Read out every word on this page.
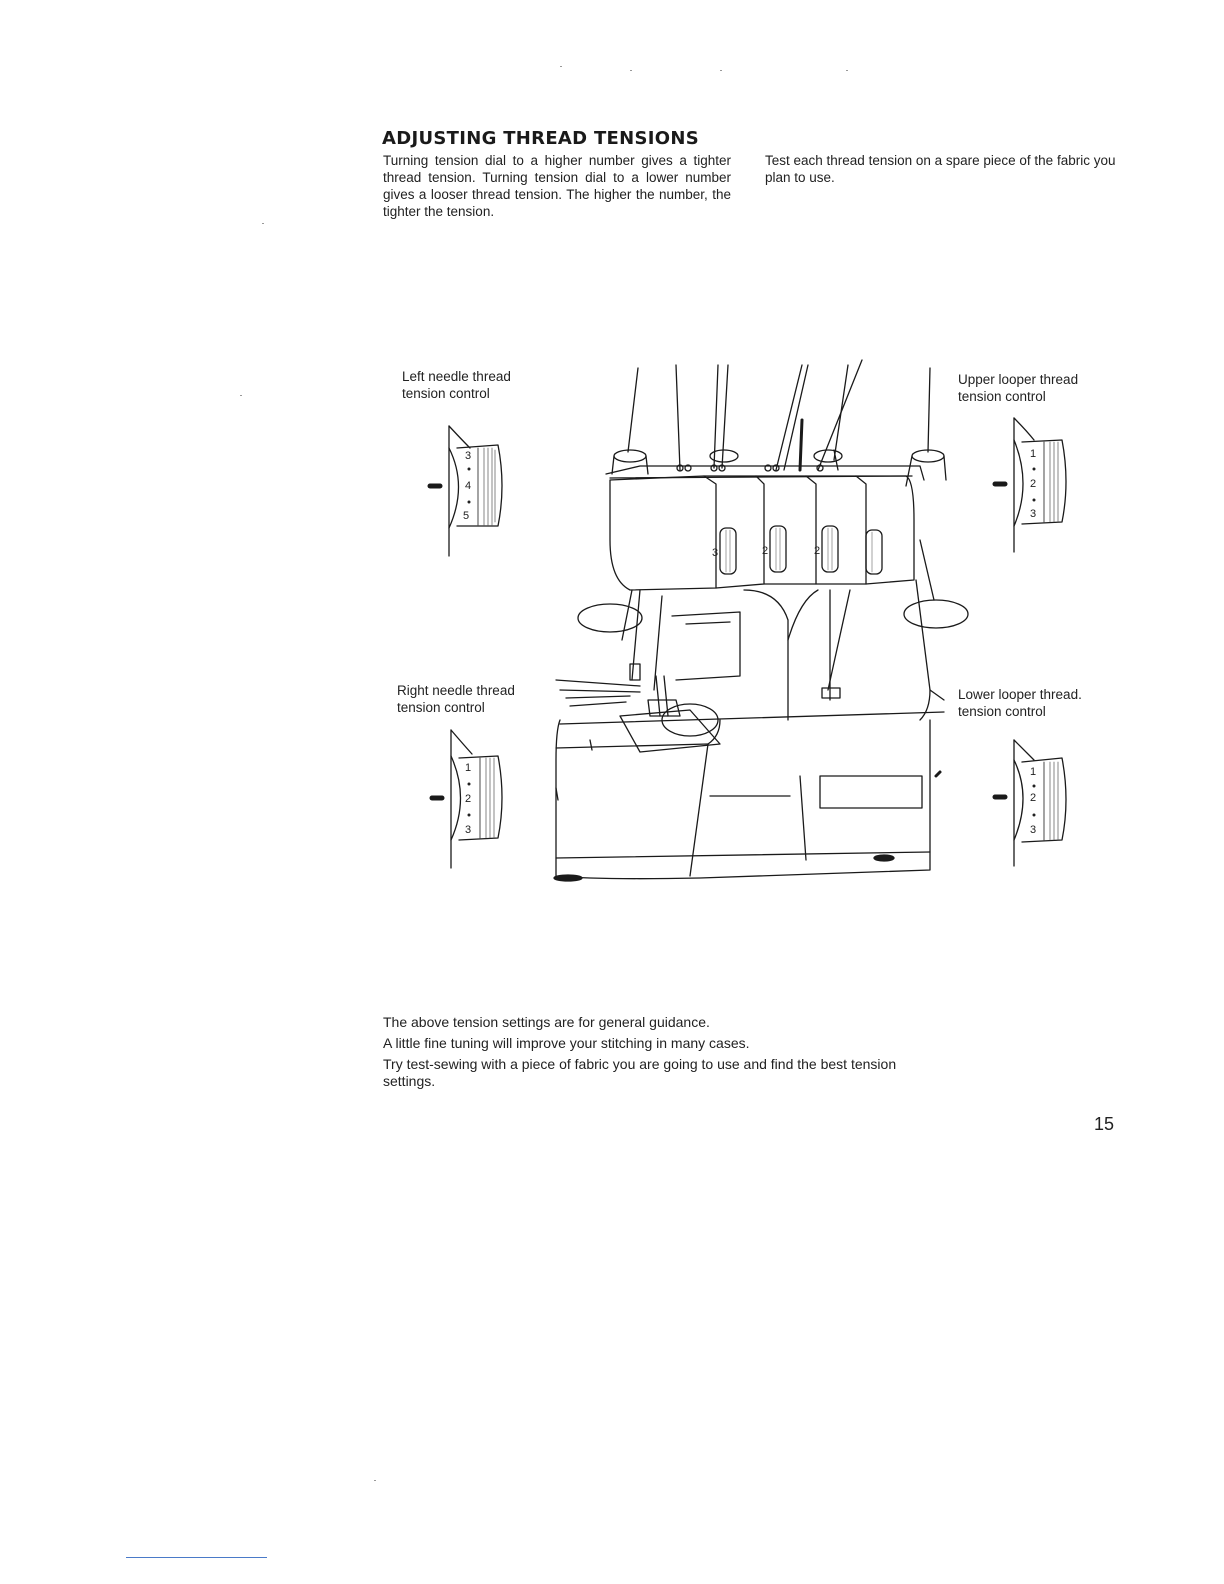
ADJUSTING THREAD TENSIONS
Turning tension dial to a higher number gives a tighter thread tension. Turning tension dial to a lower number gives a looser thread tension. The higher the number, the tighter the tension.
Test each thread tension on a spare piece of the fabric you plan to use.
Left needle thread
tension control
Upper looper thread
tension control
Right needle thread
tension control
Lower looper thread.
tension control
3
4
5
1
2
3
1
2
3
1
2
3
3	2	2

The above tension settings are for general guidance.

A little fine tuning will improve your stitching in many cases.

Try test-sewing with a piece of fabric you are going to use and find the best tension settings.

15
